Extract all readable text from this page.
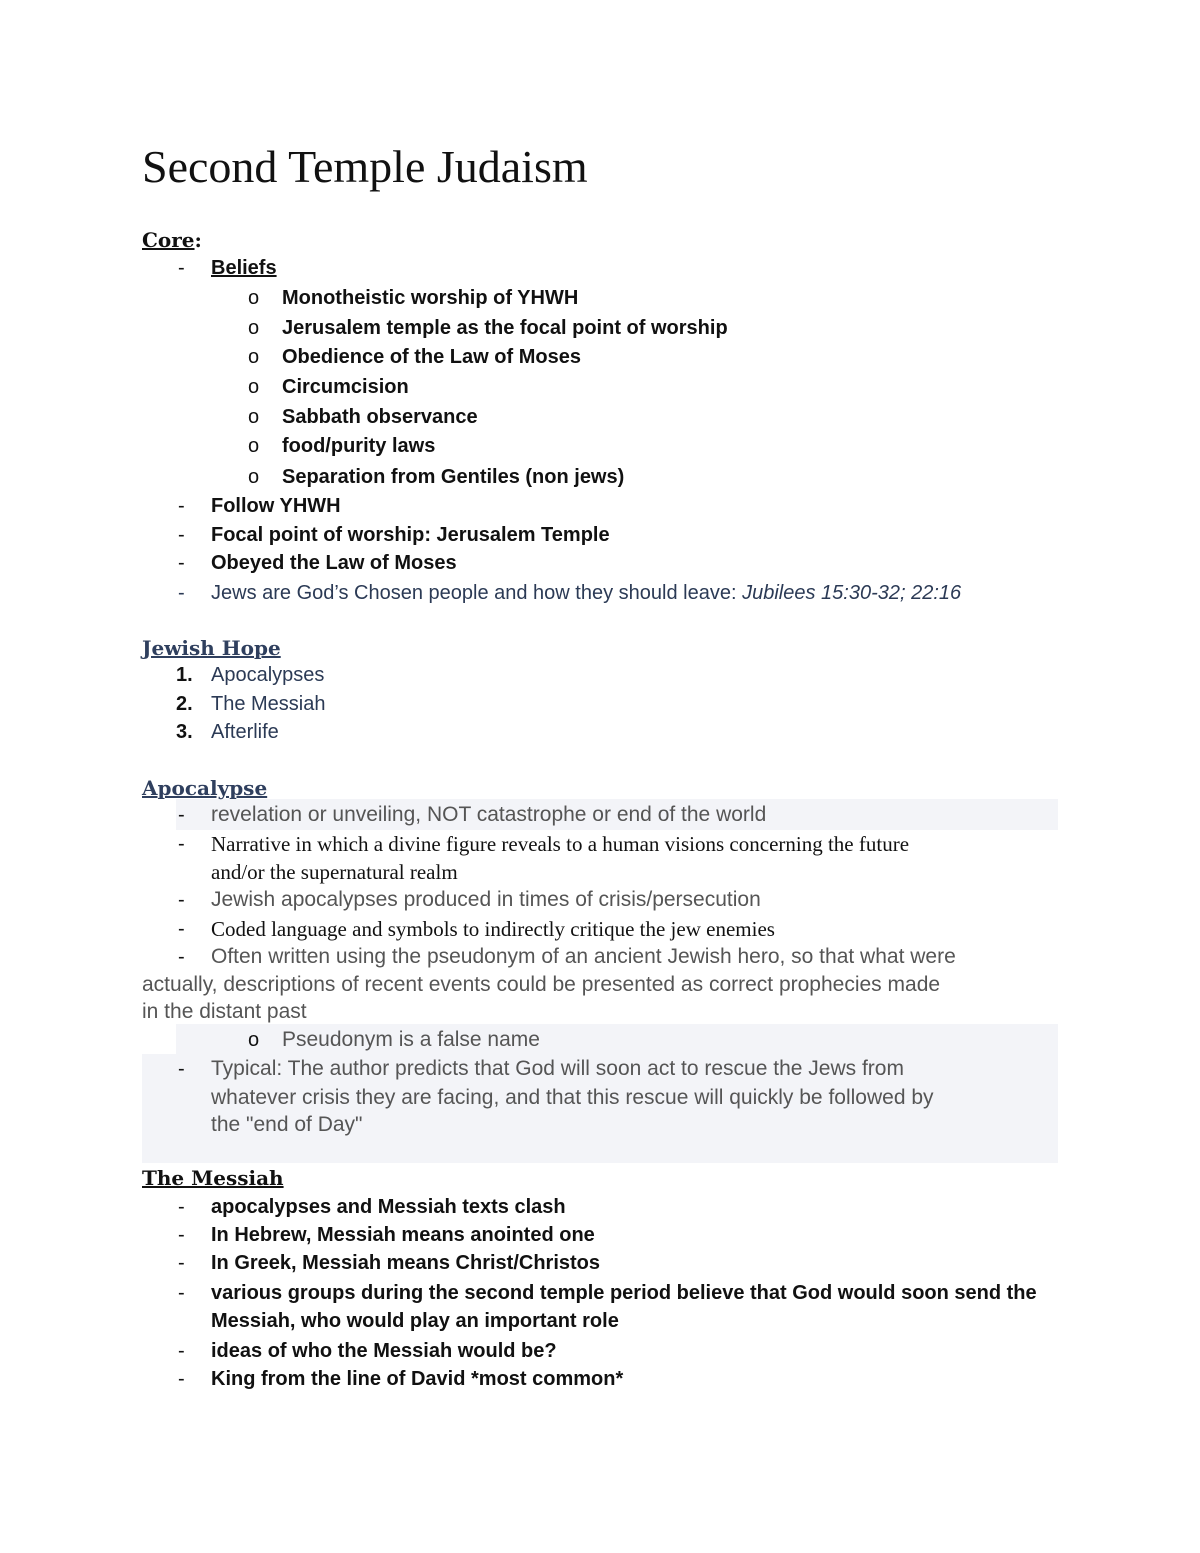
Second Temple Judaism
Core:
- Beliefs
o Monotheistic worship of YHWH
o Jerusalem temple as the focal point of worship
o Obedience of the Law of Moses
o Circumcision
o Sabbath observance
o food/purity laws
o Separation from Gentiles (non jews)
- Follow YHWH
- Focal point of worship: Jerusalem Temple
- Obeyed the Law of Moses
- Jews are God’s Chosen people and how they should leave: Jubilees 15:30-32; 22:16
Jewish Hope
1. Apocalypses
2. The Messiah
3. Afterlife
Apocalypse
- revelation or unveiling, NOT catastrophe or end of the world
- Narrative in which a divine figure reveals to a human visions concerning the future
and/or the supernatural realm
- Jewish apocalypses produced in times of crisis/persecution
- Coded language and symbols to indirectly critique the jew enemies
- Often written using the pseudonym of an ancient Jewish hero, so that what were
actually, descriptions of recent events could be presented as correct prophecies made
in the distant past
o Pseudonym is a false name
- Typical: The author predicts that God will soon act to rescue the Jews from
whatever crisis they are facing, and that this rescue will quickly be followed by
the "end of Day"
The Messiah
- apocalypses and Messiah texts clash
- In Hebrew, Messiah means anointed one
- In Greek, Messiah means Christ/Christos
- various groups during the second temple period believe that God would soon send the
Messiah, who would play an important role
- ideas of who the Messiah would be?
- King from the line of David *most common*
